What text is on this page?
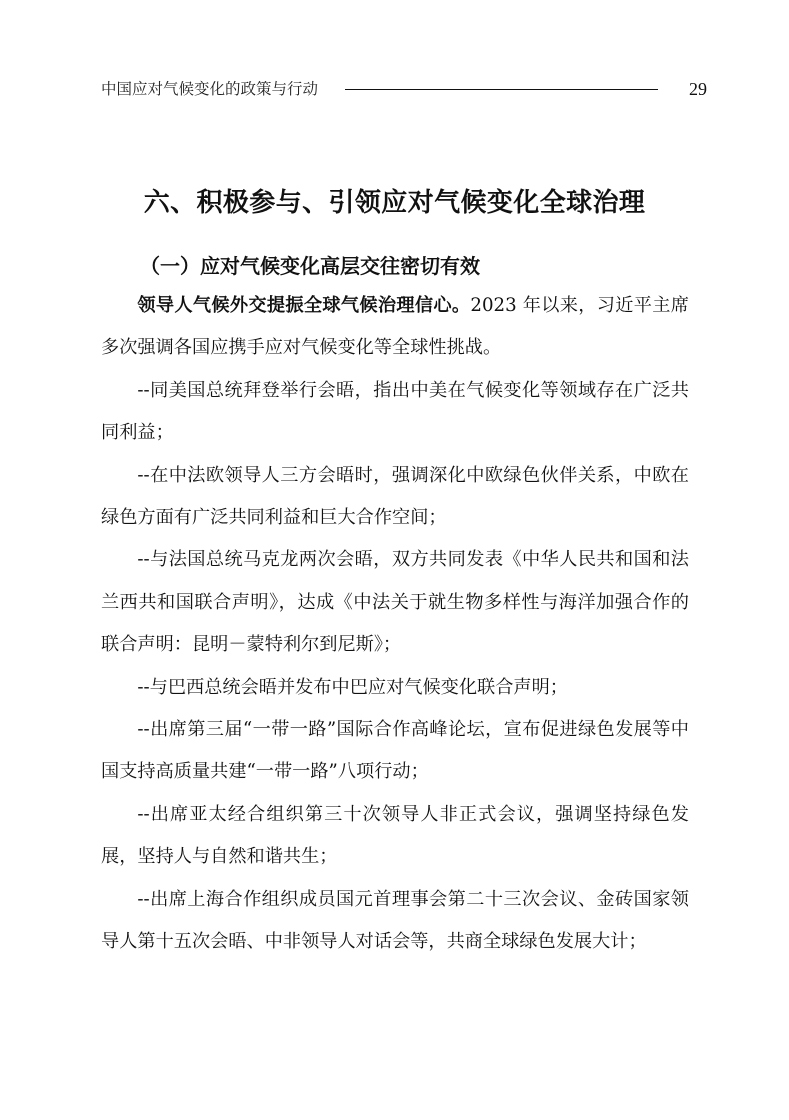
中国应对气候变化的政策与行动	29
六、积极参与、引领应对气候变化全球治理
（一）应对气候变化高层交往密切有效

领导人气候外交提振全球气候治理信心。2023 年以来，习近平主席多次强调各国应携手应对气候变化等全球性挑战。

--同美国总统拜登举行会晤，指出中美在气候变化等领域存在广泛共同利益；

--在中法欧领导人三方会晤时，强调深化中欧绿色伙伴关系，中欧在绿色方面有广泛共同利益和巨大合作空间；

--与法国总统马克龙两次会晤，双方共同发表《中华人民共和国和法兰西共和国联合声明》，达成《中法关于就生物多样性与海洋加强合作的联合声明：昆明－蒙特利尔到尼斯》；

--与巴西总统会晤并发布中巴应对气候变化联合声明；

--出席第三届“一带一路”国际合作高峰论坛，宣布促进绿色发展等中国支持高质量共建“一带一路”八项行动；

--出席亚太经合组织第三十次领导人非正式会议，强调坚持绿色发展，坚持人与自然和谐共生；

--出席上海合作组织成员国元首理事会第二十三次会议、金砖国家领导人第十五次会晤、中非领导人对话会等，共商全球绿色发展大计；
